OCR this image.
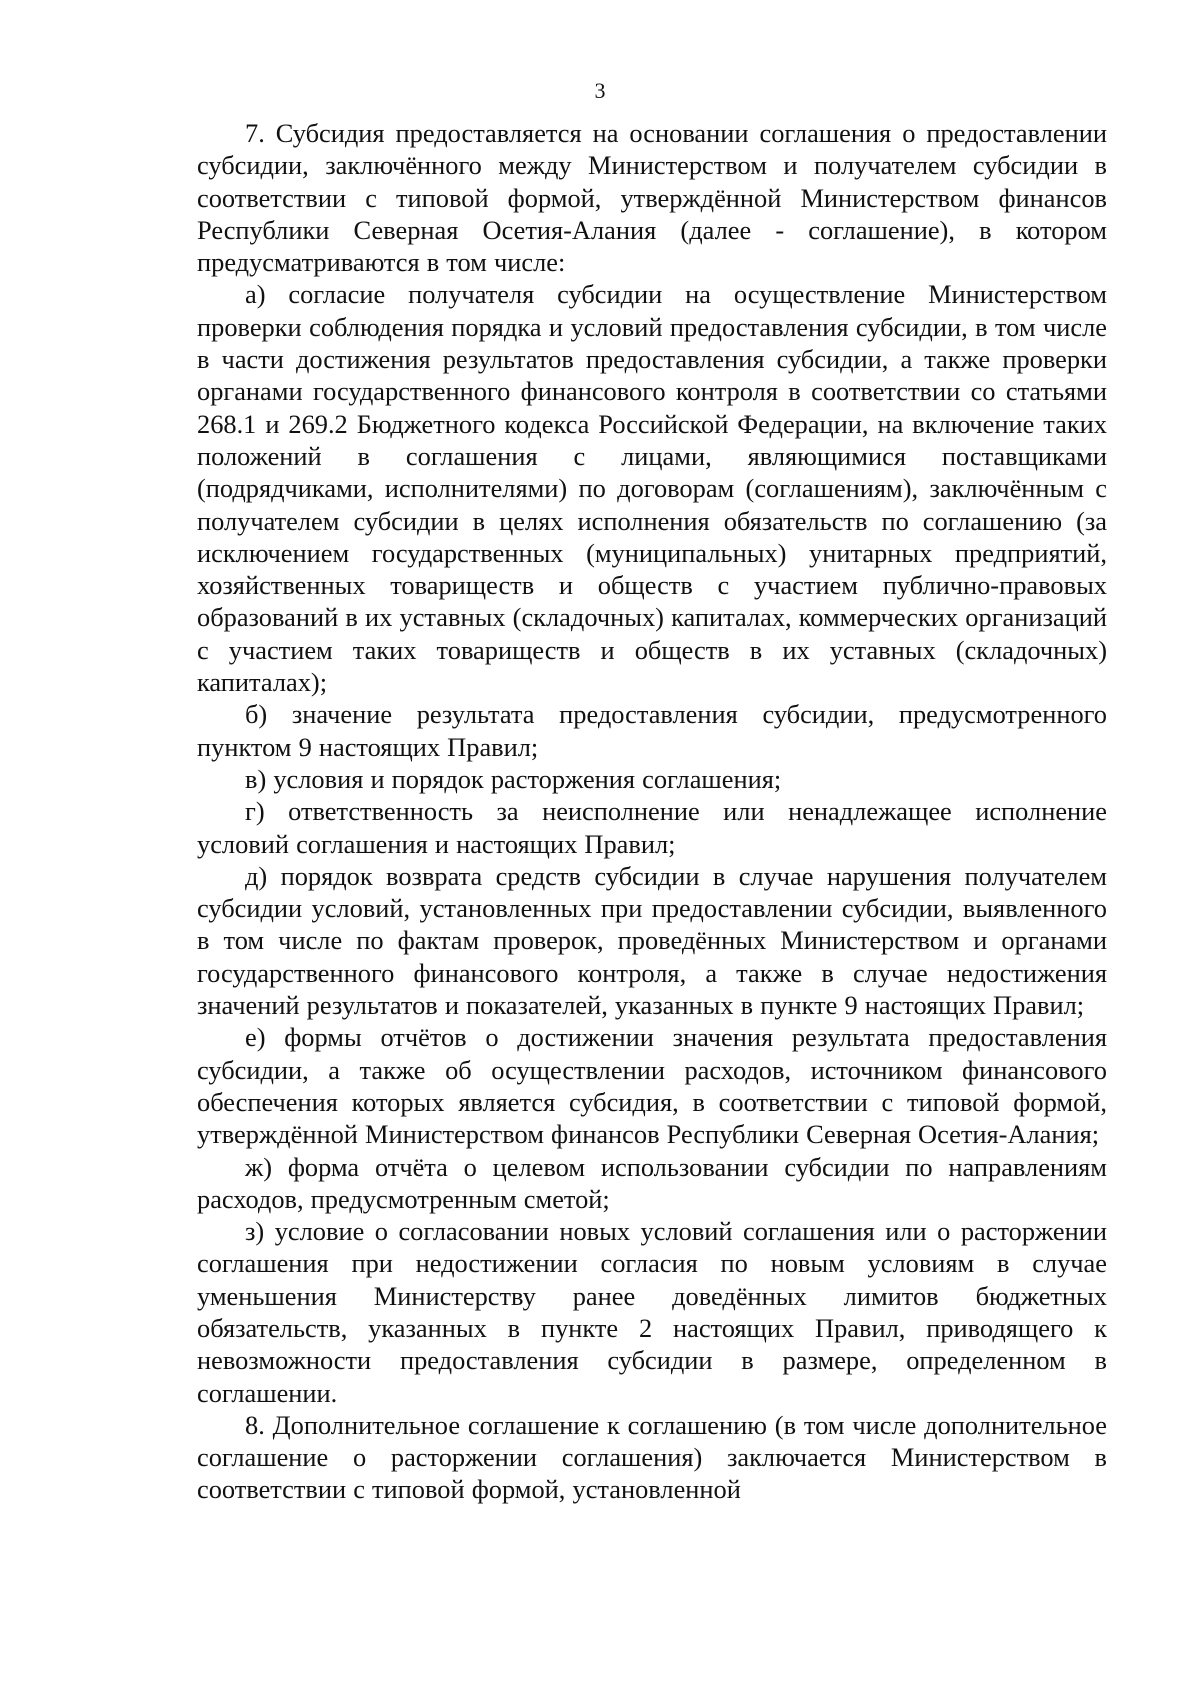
3

7. Субсидия предоставляется на основании соглашения о предоставлении субсидии, заключённого между Министерством и получателем субсидии в соответствии с типовой формой, утверждённой Министерством финансов Республики Северная Осетия-Алания (далее - соглашение), в котором предусматриваются в том числе:

а) согласие получателя субсидии на осуществление Министерством проверки соблюдения порядка и условий предоставления субсидии, в том числе в части достижения результатов предоставления субсидии, а также проверки органами государственного финансового контроля в соответствии со статьями 268.1 и 269.2 Бюджетного кодекса Российской Федерации, на включение таких положений в соглашения с лицами, являющимися поставщиками (подрядчиками, исполнителями) по договорам (соглашениям), заключённым с получателем субсидии в целях исполнения обязательств по соглашению (за исключением государственных (муниципальных) унитарных предприятий, хозяйственных товариществ и обществ с участием публично-правовых образований в их уставных (складочных) капиталах, коммерческих организаций с участием таких товариществ и обществ в их уставных (складочных) капиталах);

б) значение результата предоставления субсидии, предусмотренного пунктом 9 настоящих Правил;

в) условия и порядок расторжения соглашения;

г) ответственность за неисполнение или ненадлежащее исполнение условий соглашения и настоящих Правил;

д) порядок возврата средств субсидии в случае нарушения получателем субсидии условий, установленных при предоставлении субсидии, выявленного в том числе по фактам проверок, проведённых Министерством и органами государственного финансового контроля, а также в случае недостижения значений результатов и показателей, указанных в пункте 9 настоящих Правил;

е) формы отчётов о достижении значения результата предоставления субсидии, а также об осуществлении расходов, источником финансового обеспечения которых является субсидия, в соответствии с типовой формой, утверждённой Министерством финансов Республики Северная Осетия-Алания;

ж) форма отчёта о целевом использовании субсидии по направлениям расходов, предусмотренным сметой;

з) условие о согласовании новых условий соглашения или о расторжении соглашения при недостижении согласия по новым условиям в случае уменьшения Министерству ранее доведённых лимитов бюджетных обязательств, указанных в пункте 2 настоящих Правил, приводящего к невозможности предоставления субсидии в размере, определенном в соглашении.

8. Дополнительное соглашение к соглашению (в том числе дополнительное соглашение о расторжении соглашения) заключается Министерством в соответствии с типовой формой, установленной
